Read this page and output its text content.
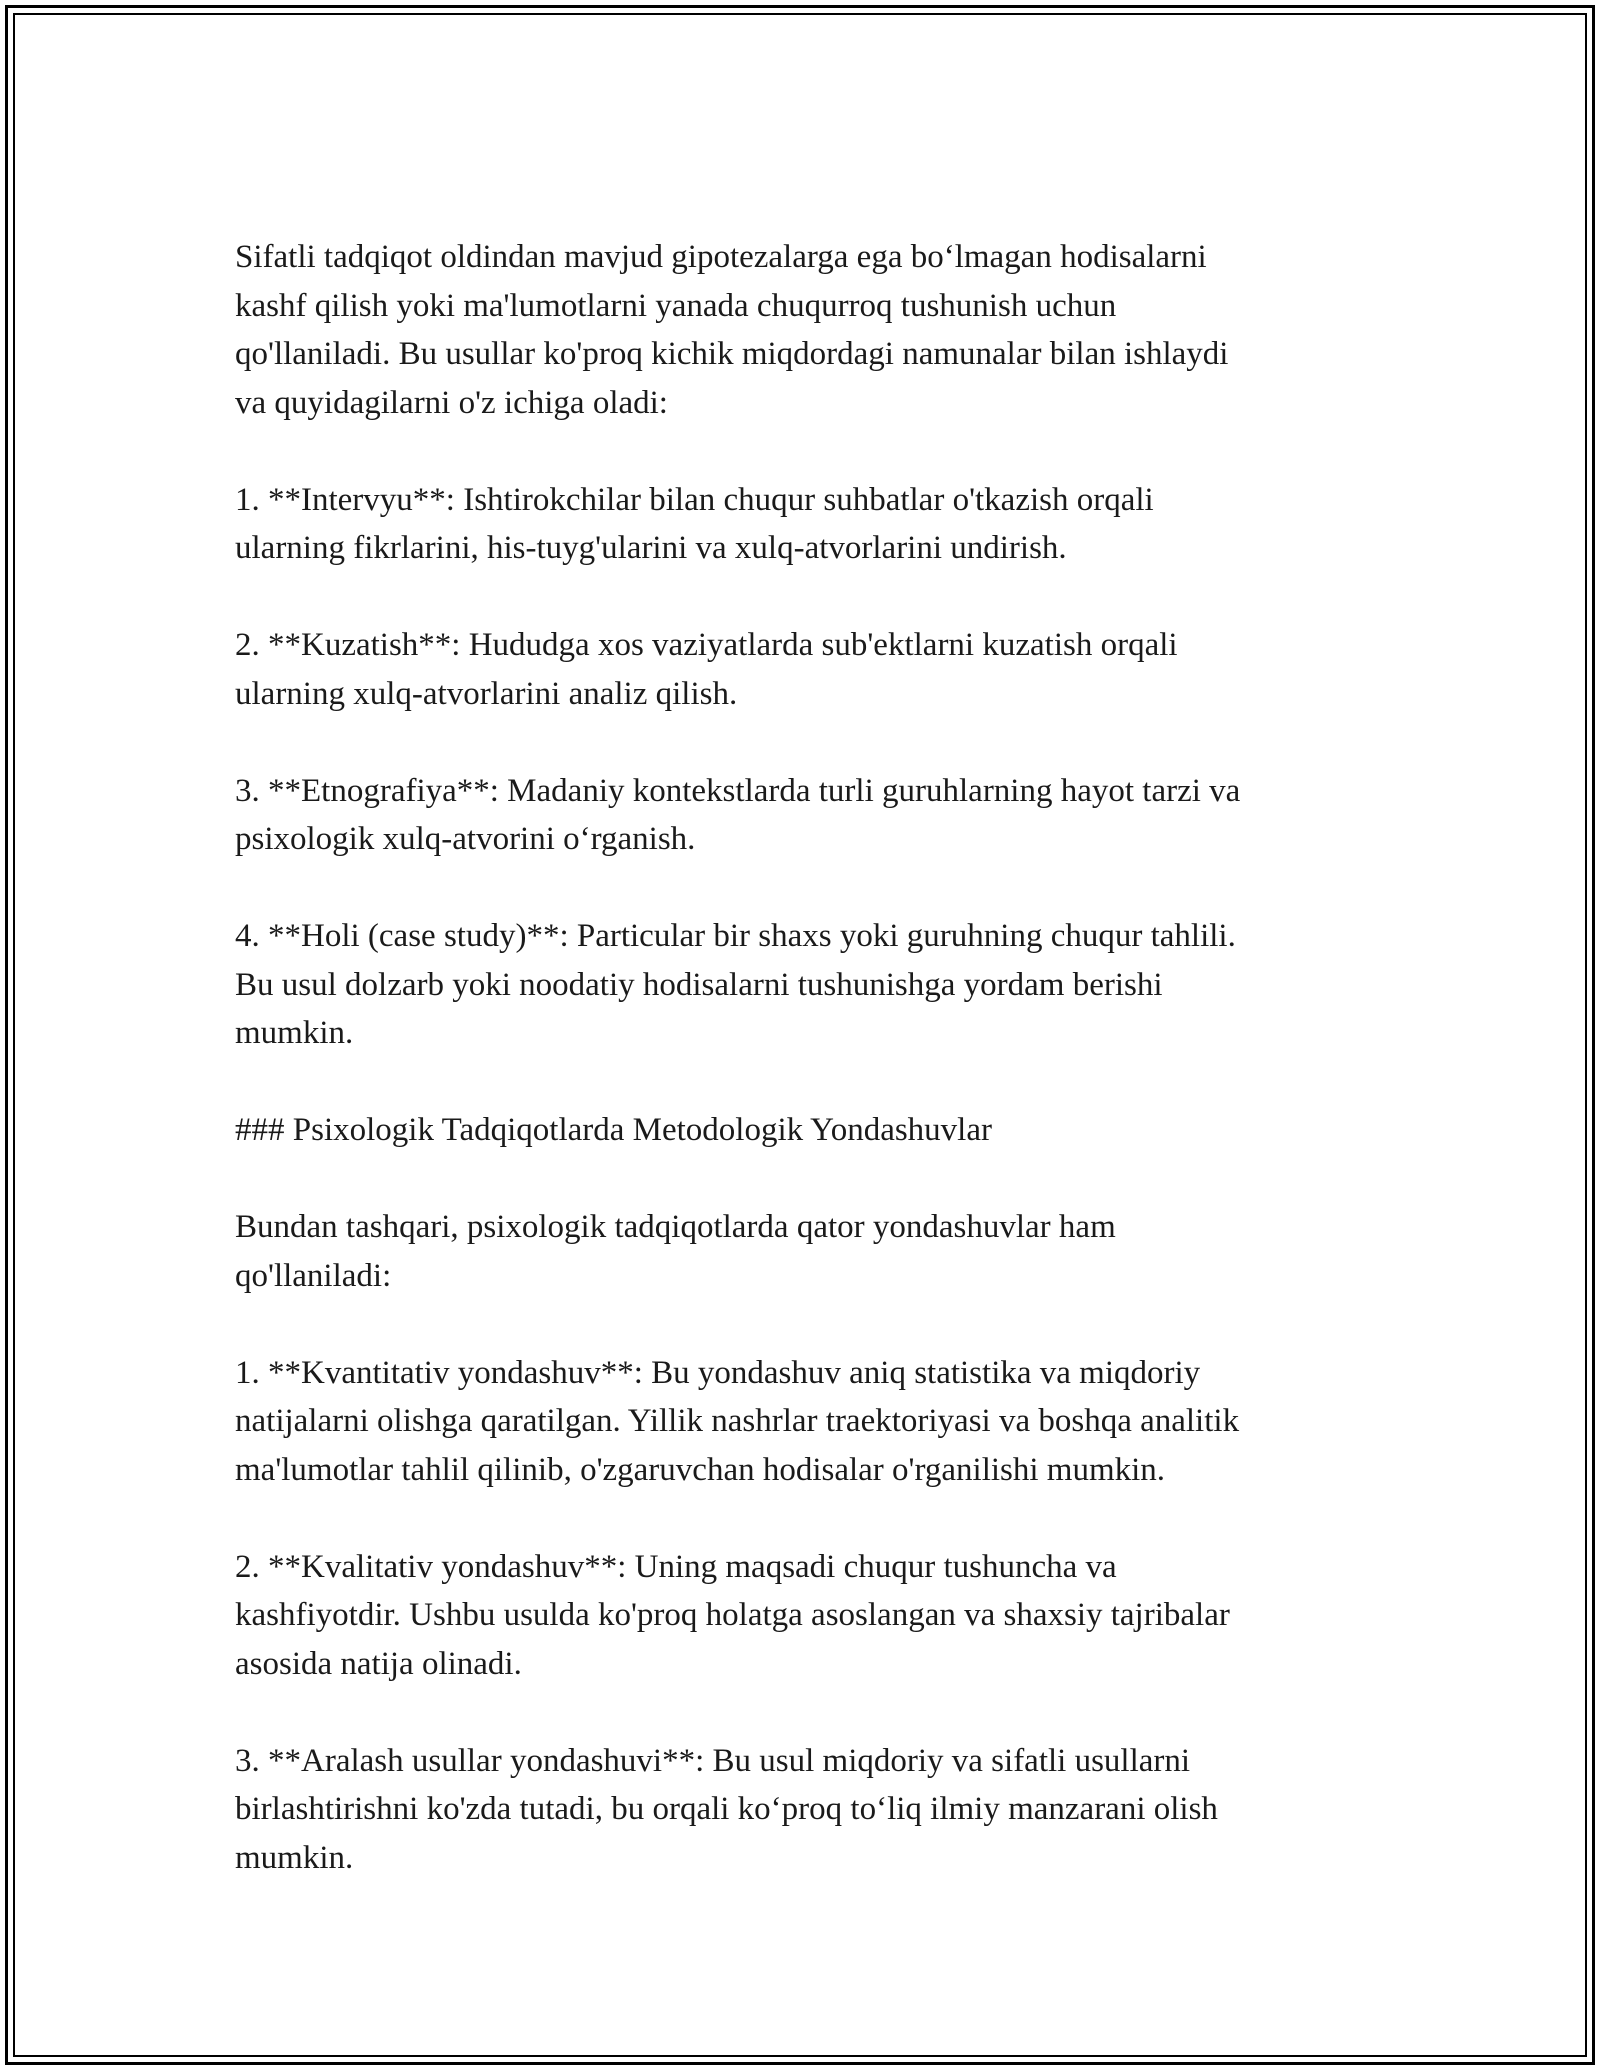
Sifatli tadqiqot oldindan mavjud gipotezalarga ega bo‘lmagan hodisalarni
kashf qilish yoki ma'lumotlarni yanada chuqurroq tushunish uchun
qo'llaniladi. Bu usullar ko'proq kichik miqdordagi namunalar bilan ishlaydi
va quyidagilarni o'z ichiga oladi:

1. **Intervyu**: Ishtirokchilar bilan chuqur suhbatlar o'tkazish orqali
ularning fikrlarini, his-tuyg'ularini va xulq-atvorlarini undirish.

2. **Kuzatish**: Hududga xos vaziyatlarda sub'ektlarni kuzatish orqali
ularning xulq-atvorlarini analiz qilish.

3. **Etnografiya**: Madaniy kontekstlarda turli guruhlarning hayot tarzi va
psixologik xulq-atvorini o‘rganish.

4. **Holi (case study)**: Particular bir shaxs yoki guruhning chuqur tahlili.
Bu usul dolzarb yoki noodatiy hodisalarni tushunishga yordam berishi
mumkin.

### Psixologik Tadqiqotlarda Metodologik Yondashuvlar

Bundan tashqari, psixologik tadqiqotlarda qator yondashuvlar ham
qo'llaniladi:

1. **Kvantitativ yondashuv**: Bu yondashuv aniq statistika va miqdoriy
natijalarni olishga qaratilgan. Yillik nashrlar traektoriyasi va boshqa analitik
ma'lumotlar tahlil qilinib, o'zgaruvchan hodisalar o'rganilishi mumkin.

2. **Kvalitativ yondashuv**: Uning maqsadi chuqur tushuncha va
kashfiyotdir. Ushbu usulda ko'proq holatga asoslangan va shaxsiy tajribalar
asosida natija olinadi.

3. **Aralash usullar yondashuvi**: Bu usul miqdoriy va sifatli usullarni
birlashtirishni ko'zda tutadi, bu orqali ko‘proq to‘liq ilmiy manzarani olish
mumkin.
